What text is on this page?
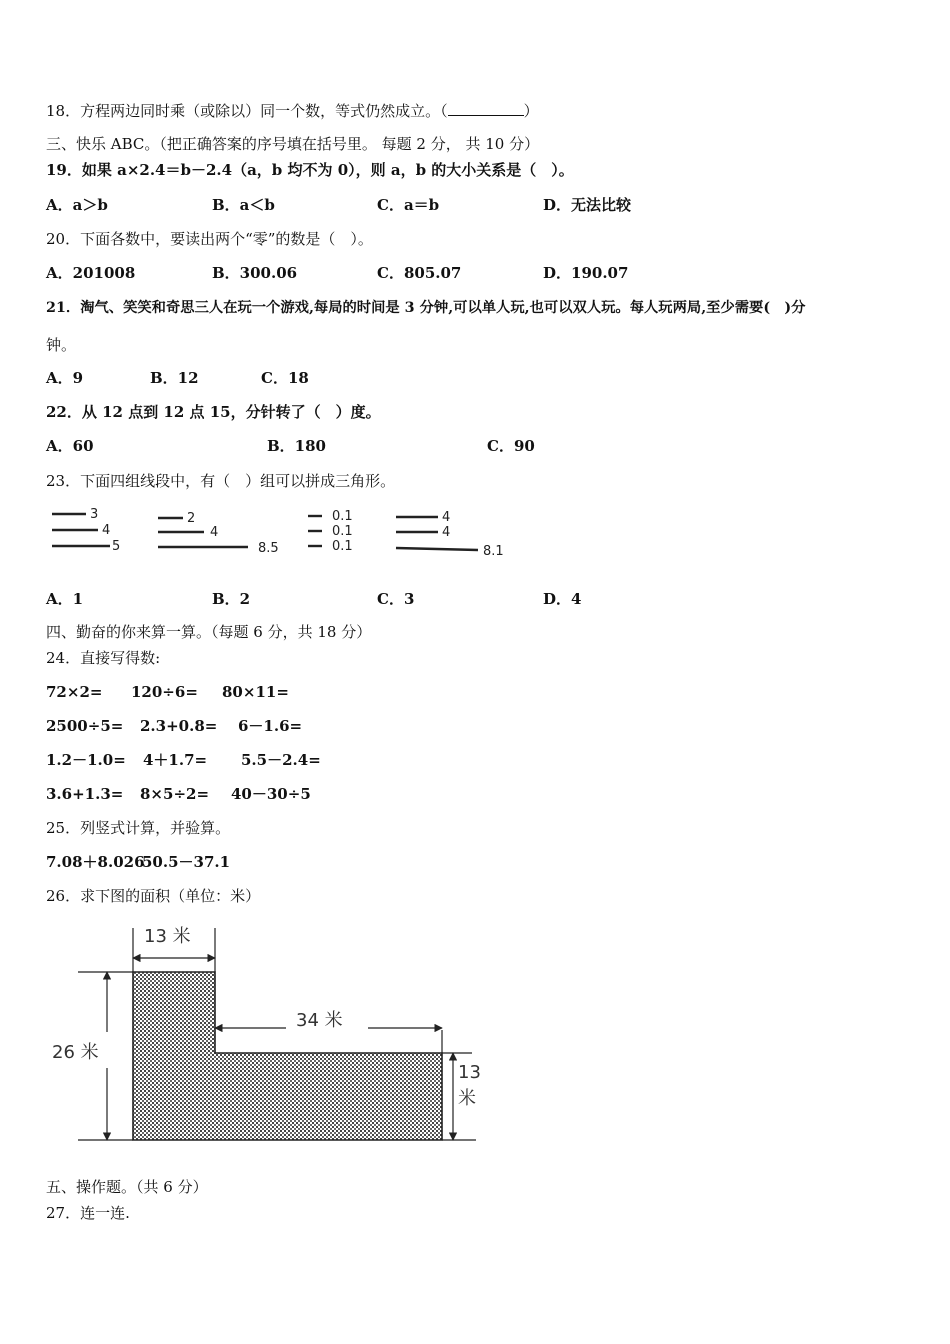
18．方程两边同时乘（或除以）同一个数，等式仍然成立。（	）
三、快乐 ABC。（把正确答案的序号填在括号里。 每题 2 分， 共 10 分）
19．如果 a×2.4＝b－2.4（a，b 均不为 0），则 a，b 的大小关系是（　）。
A．a＞b	B．a＜b	C．a＝b	D．无法比较
20．下面各数中，要读出两个“零”的数是（　）。
A．201008	B．300.06	C．805.07	D．190.07
21．淘气、笑笑和奇思三人在玩一个游戏,每局的时间是 3 分钟,可以单人玩,也可以双人玩。每人玩两局,至少需要(　)分
钟。
A．9	B．12	C．18
22．从 12 点到 12 点 15，分针转了（　）度。
A．60	B．180	C．90
23．下面四组线段中，有（　）组可以拼成三角形。
3
4
5
2
4
8.5
0.1
0.1
0.1
4
4
8.1
A．1	B．2	C．3	D．4
四、勤奋的你来算一算。（每题 6 分，共 18 分）
24．直接写得数:
72×2= 120÷6= 80×11=
2500÷5= 2.3+0.8= 6－1.6=
1.2－1.0= 4＋1.7= 5.5－2.4=
3.6+1.3= 8×5÷2= 40－30÷5
25．列竖式计算，并验算。
7.08＋8.026
50.5－37.1
26．求下图的面积（单位：米）
13 米
34 米
26 米
13
米
五、操作题。（共 6 分）
27．连一连.
